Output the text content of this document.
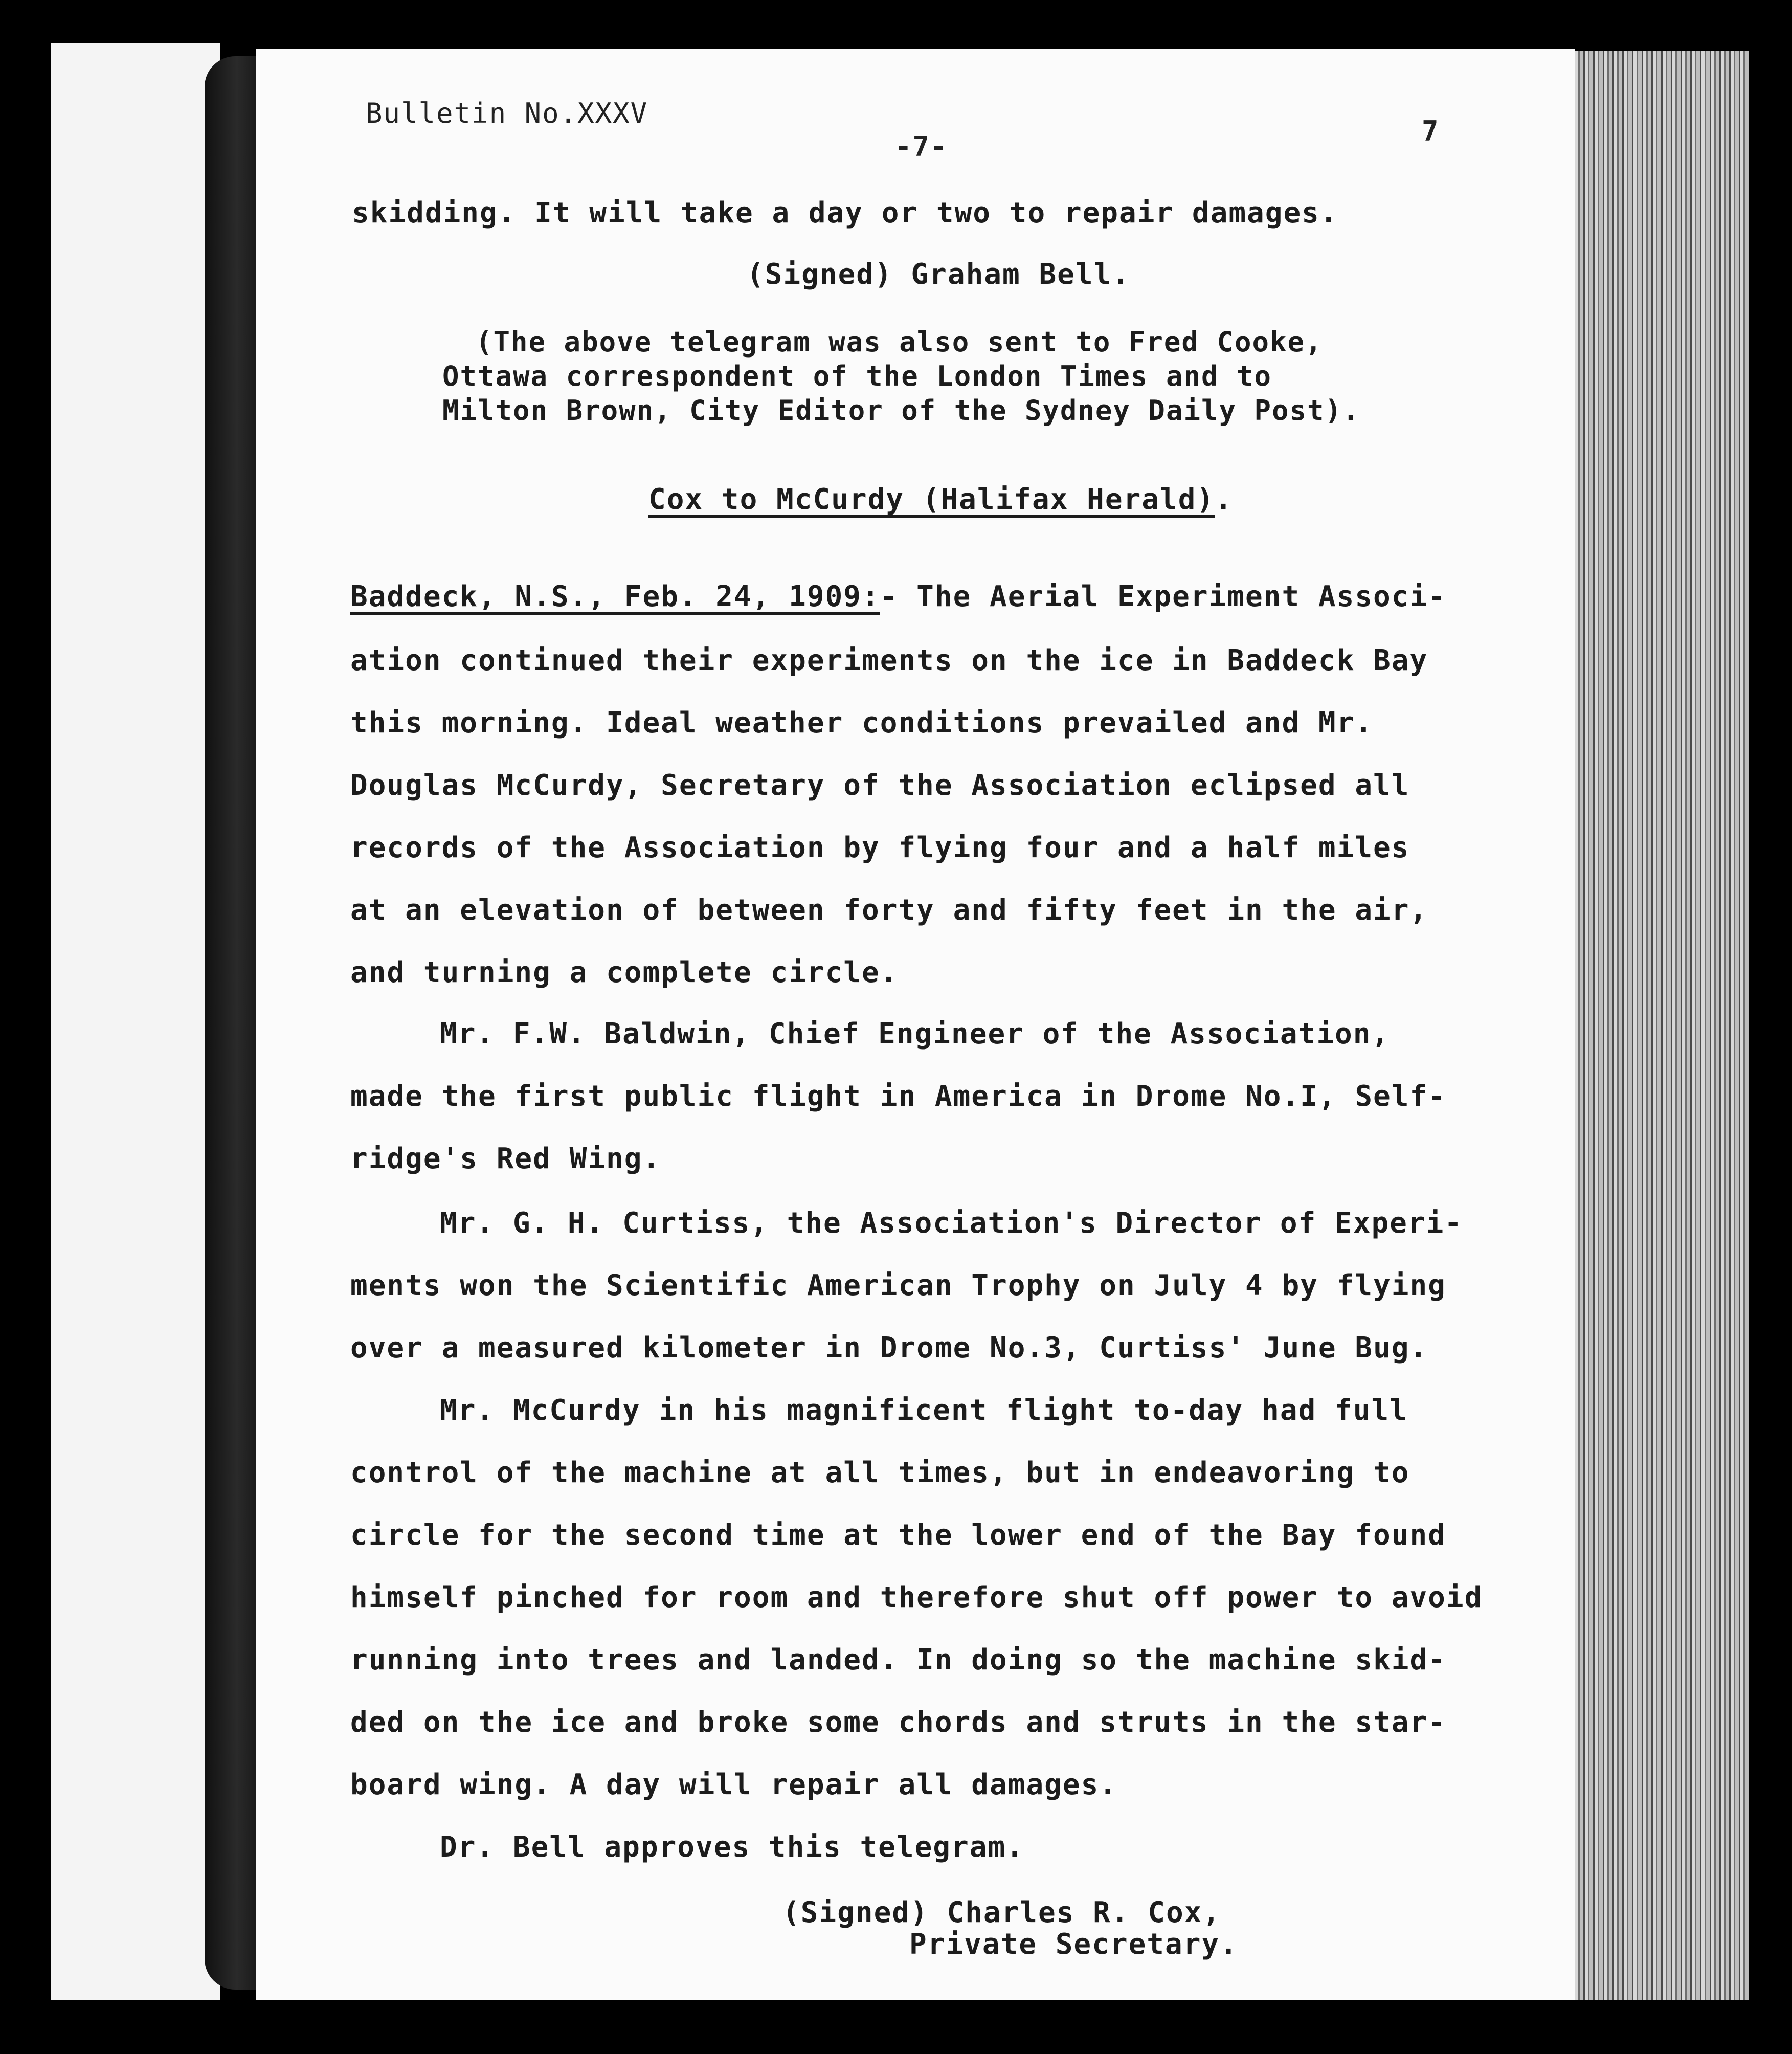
Bulletin No.XXXV
-7-	7
skidding. It will take a day or two to repair damages.
(Signed) Graham Bell.
(The above telegram was also sent to Fred Cooke,
Ottawa correspondent of the London Times and to
Milton Brown, City Editor of the Sydney Daily Post).
Cox to McCurdy (Halifax Herald).
Baddeck, N.S., Feb. 24, 1909:- The Aerial Experiment Associ-
ation continued their experiments on the ice in Baddeck Bay
this morning. Ideal weather conditions prevailed and Mr.
Douglas McCurdy, Secretary of the Association eclipsed all
records of the Association by flying four and a half miles
at an elevation of between forty and fifty feet in the air,
and turning a complete circle.
Mr. F.W. Baldwin, Chief Engineer of the Association,
made the first public flight in America in Drome No.I, Self-
ridge's Red Wing.
Mr. G. H. Curtiss, the Association's Director of Experi-
ments won the Scientific American Trophy on July 4 by flying
over a measured kilometer in Drome No.3, Curtiss' June Bug.
Mr. McCurdy in his magnificent flight to-day had full
control of the machine at all times, but in endeavoring to
circle for the second time at the lower end of the Bay found
himself pinched for room and therefore shut off power to avoid
running into trees and landed. In doing so the machine skid-
ded on the ice and broke some chords and struts in the star-
board wing. A day will repair all damages.
Dr. Bell approves this telegram.
(Signed) Charles R. Cox,
Private Secretary.
